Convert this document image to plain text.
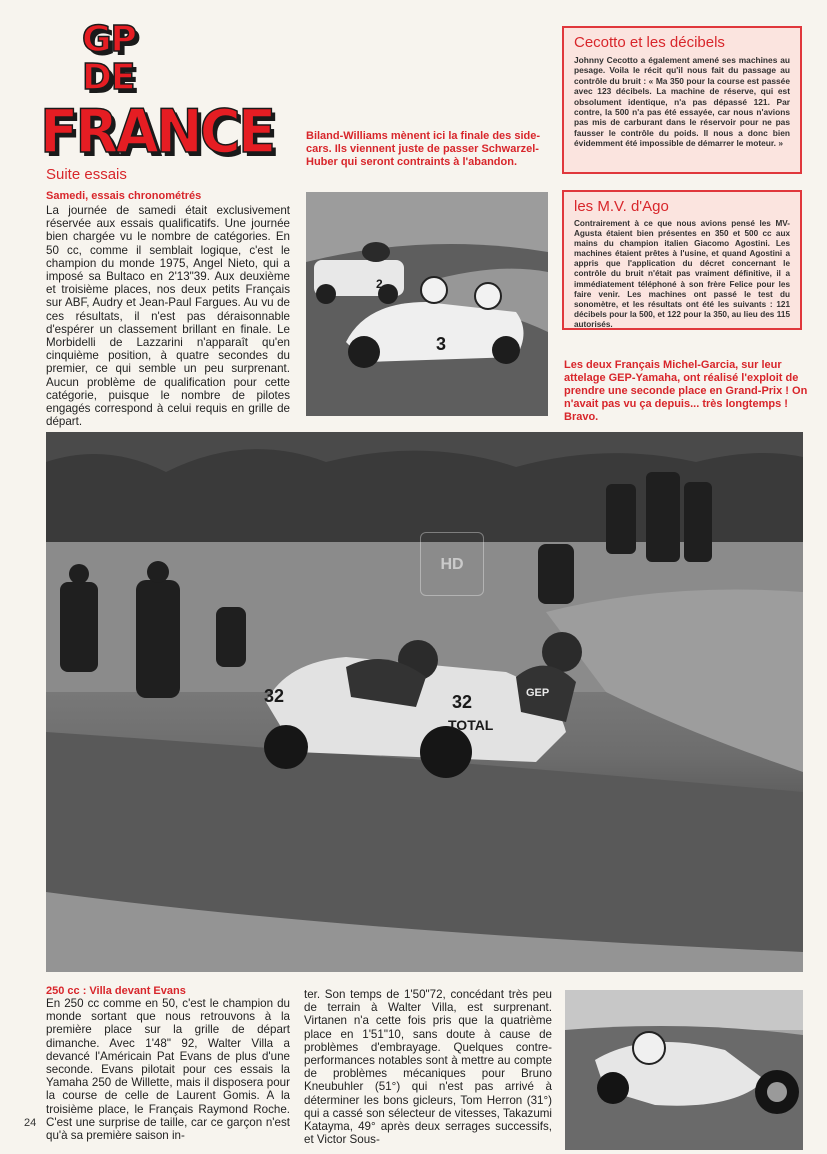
GP
DE
FRANCE
Suite essais
Samedi, essais chronométrés
La journée de samedi était exclusivement réservée aux essais qualificatifs. Une journée bien chargée vu le nombre de catégories. En 50 cc, comme il semblait logique, c'est le champion du monde 1975, Angel Nieto, qui a imposé sa Bultaco en 2'13"39. Aux deuxième et troisième places, nos deux petits Français sur ABF, Audry et Jean-Paul Fargues. Au vu de ces résultats, il n'est pas déraisonnable d'espérer un classement brillant en finale. Le Morbidelli de Lazzarini n'apparaît qu'en cinquième position, à quatre secondes du premier, ce qui semble un peu surprenant. Aucun problème de qualification pour cette catégorie, puisque le nombre de pilotes engagés correspond à celui requis en grille de départ.
Biland-Williams mènent ici la finale des side-cars. Ils viennent juste de passer Schwarzel-Huber qui seront contraints à l'abandon.
Cecotto et les décibels
Johnny Cecotto a également amené ses machines au pesage. Voila le récit qu'il nous fait du passage au contrôle du bruit : « Ma 350 pour la course est passée avec 123 décibels. La machine de réserve, qui est obsolument identique, n'a pas dépassé 121. Par contre, la 500 n'a pas été essayée, car nous n'avions pas mis de carburant dans le réservoir pour ne pas fausser le contrôle du poids. Il nous a donc bien évidemment été impossible de démarrer le moteur. »
les M.V. d'Ago
Contrairement à ce que nous avions pensé les MV-Agusta étaient bien présentes en 350 et 500 cc aux mains du champion italien Giacomo Agostini. Les machines étaient prêtes à l'usine, et quand Agostini a appris que l'application du décret concernant le contrôle du bruit n'était pas vraiment définitive, il a immédiatement téléphoné à son frère Felice pour les faire venir. Les machines ont passé le test du sonomètre, et les résultats ont été les suivants : 121 décibels pour la 500, et 122 pour la 350, au lieu des 115 autorisés.
Les deux Français Michel-Garcia, sur leur attelage GEP-Yamaha, ont réalisé l'exploit de prendre une seconde place en Grand-Prix ! On n'avait pas vu ça depuis... très longtemps ! Bravo.
2
3
32	32
TOTAL
GEP
HD
250 cc : Villa devant Evans
En 250 cc comme en 50, c'est le champion du monde sortant que nous retrouvons à la première place sur la grille de départ dimanche. Avec 1'48" 92, Walter Villa a devancé l'Américain Pat Evans de plus d'une seconde. Evans pilotait pour ces essais la Yamaha 250 de Willette, mais il disposera pour la course de celle de Laurent Gomis. A la troisième place, le Français Raymond Roche. C'est une surprise de taille, car ce garçon n'est qu'à sa première saison in-
ter. Son temps de 1'50"72, concédant très peu de terrain à Walter Villa, est surprenant. Virtanen n'a cette fois pris que la quatrième place en 1'51"10, sans doute à cause de problèmes d'embrayage. Quelques contre-performances notables sont à mettre au compte de problèmes mécaniques pour Bruno Kneubuhler (51°) qui n'est pas arrivé à déterminer les bons gicleurs, Tom Herron (31°) qui a cassé son sélecteur de vitesses, Takazumi Katayma, 49° après deux serrages successifs, et Victor Sous-
24
